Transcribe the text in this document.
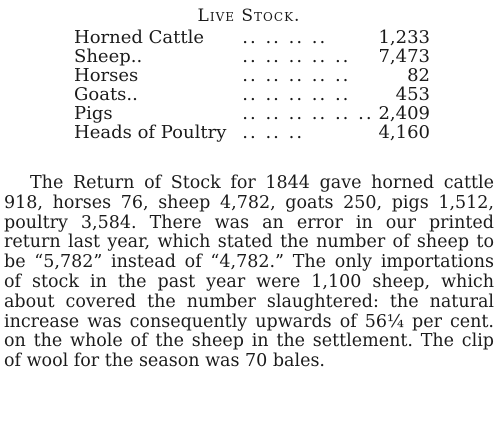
Live Stock.
Horned Cattle	.. .. .. ..	1,233
Sheep..	.. .. .. .. ..	7,473
Horses	.. .. .. .. ..	82
Goats..	.. .. .. .. ..	453
Pigs	.. .. .. .. .. ..	2,409
Heads of Poultry	.. .. ..	4,160

The Return of Stock for 1844 gave horned cattle 918, horses 76, sheep 4,782, goats 250, pigs 1,512, poultry 3,584. There was an error in our printed return last year, which stated the number of sheep to be “5,782” instead of “4,782.” The only importations of stock in the past year were 1,100 sheep, which about covered the number slaughtered: the natural increase was consequently upwards of 56¼ per cent. on the whole of the sheep in the settlement. The clip of wool for the season was 70 bales.
